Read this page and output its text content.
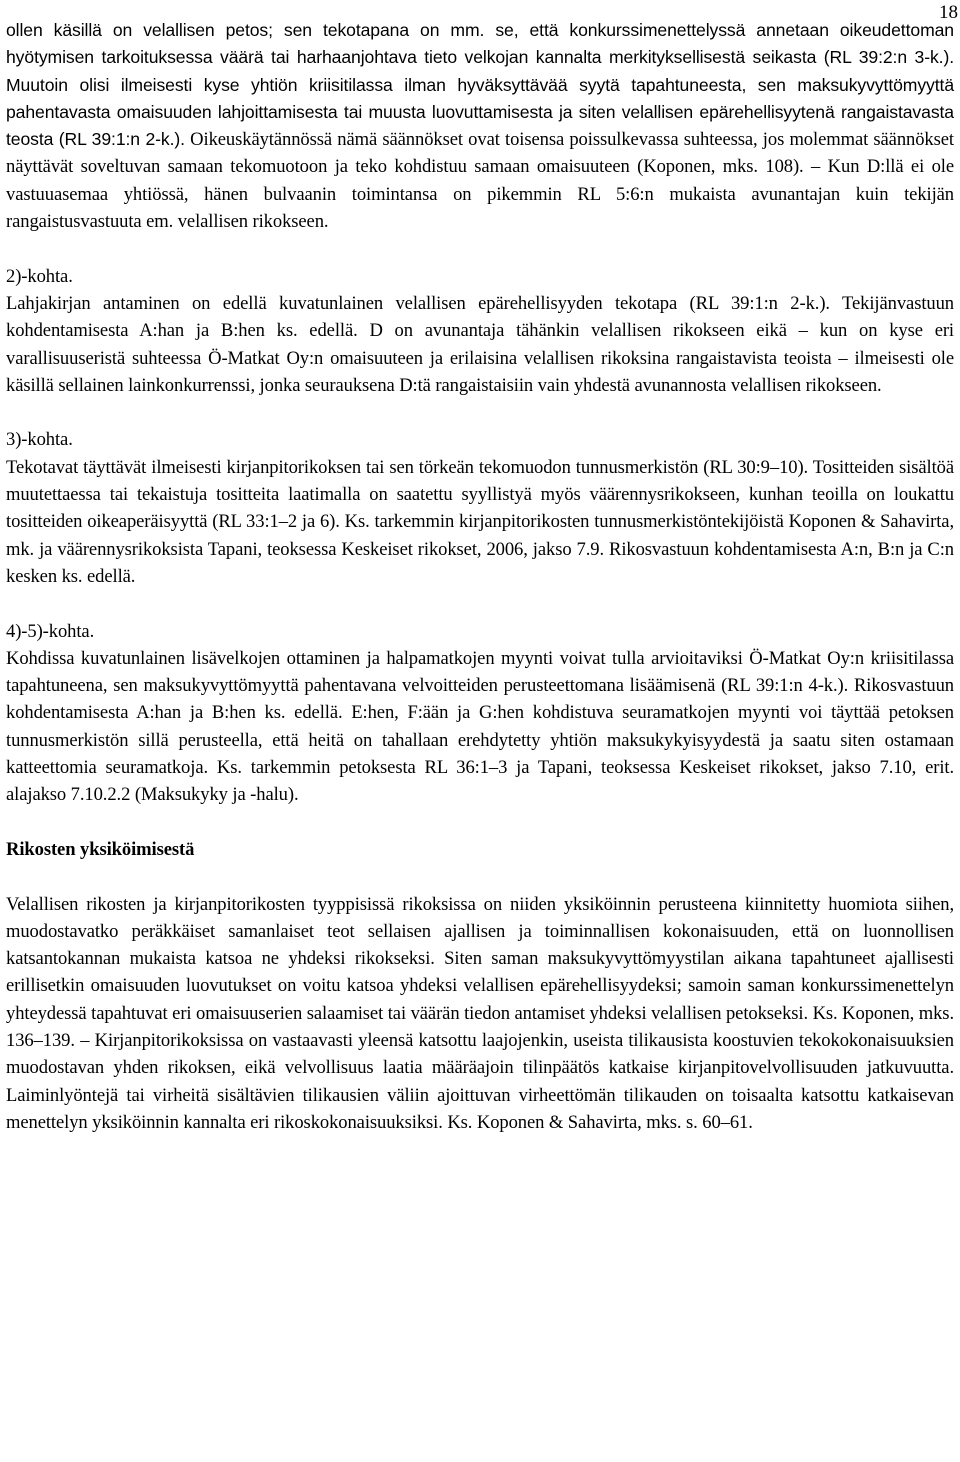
18

ollen käsillä on velallisen petos; sen tekotapana on mm. se, että konkurssimenettelyssä annetaan oikeudettoman hyötymisen tarkoituksessa väärä tai harhaanjohtava tieto velkojan kannalta merkityksellisestä seikasta (RL 39:2:n 3-k.). Muutoin olisi ilmeisesti kyse yhtiön kriisitilassa ilman hyväksyttävää syytä tapahtuneesta, sen maksukyvyttömyyttä pahentavasta omaisuuden lahjoittamisesta tai muusta luovuttamisesta ja siten velallisen epärehellisyytenä rangaistavasta teosta (RL 39:1:n 2-k.). Oikeuskäytännössä nämä säännökset ovat toisensa poissulkevassa suhteessa, jos molemmat säännökset näyttävät soveltuvan samaan tekomuotoon ja teko kohdistuu samaan omaisuuteen (Koponen, mks. 108). – Kun D:llä ei ole vastuuasemaa yhtiössä, hänen bulvaanin toimintansa on pikemmin RL 5:6:n mukaista avunantajan kuin tekijän rangaistusvastuuta em. velallisen rikokseen.

2)-kohta.

Lahjakirjan antaminen on edellä kuvatunlainen velallisen epärehellisyyden tekotapa (RL 39:1:n 2-k.). Tekijänvastuun kohdentamisesta A:han ja B:hen ks. edellä. D on avunantaja tähänkin velallisen rikokseen eikä – kun on kyse eri varallisuuseristä suhteessa Ö-Matkat Oy:n omaisuuteen ja erilaisina velallisen rikoksina rangaistavista teoista – ilmeisesti ole käsillä sellainen lainkonkurrenssi, jonka seurauksena D:tä rangaistaisiin vain yhdestä avunannosta velallisen rikokseen.

3)-kohta.

Tekotavat täyttävät ilmeisesti kirjanpitorikoksen tai sen törkeän tekomuodon tunnusmerkistön (RL 30:9–10). Tositteiden sisältöä muutettaessa tai tekaistuja tositteita laatimalla on saatettu syyllistyä myös väärennysrikokseen, kunhan teoilla on loukattu tositteiden oikeaperäisyyttä (RL 33:1–2 ja 6). Ks. tarkemmin kirjanpitorikosten tunnusmerkistöntekijöistä Koponen & Sahavirta, mk. ja väärennysrikoksista Tapani, teoksessa Keskeiset rikokset, 2006, jakso 7.9. Rikosvastuun kohdentamisesta A:n, B:n ja C:n kesken ks. edellä.

4)-5)-kohta.

Kohdissa kuvatunlainen lisävelkojen ottaminen ja halpamatkojen myynti voivat tulla arvioitaviksi Ö-Matkat Oy:n kriisitilassa tapahtuneena, sen maksukyvyttömyyttä pahentavana velvoitteiden perusteettomana lisäämisenä (RL 39:1:n 4-k.). Rikosvastuun kohdentamisesta A:han ja B:hen ks. edellä. E:hen, F:ään ja G:hen kohdistuva seuramatkojen myynti voi täyttää petoksen tunnusmerkistön sillä perusteella, että heitä on tahallaan erehdytetty yhtiön maksukykyisyydestä ja saatu siten ostamaan katteettomia seuramatkoja. Ks. tarkemmin petoksesta RL 36:1–3 ja Tapani, teoksessa Keskeiset rikokset, jakso 7.10, erit. alajakso 7.10.2.2 (Maksukyky ja -halu).

Rikosten yksiköimisestä

Velallisen rikosten ja kirjanpitorikosten tyyppisissä rikoksissa on niiden yksiköinnin perusteena kiinnitetty huomiota siihen, muodostavatko peräkkäiset samanlaiset teot sellaisen ajallisen ja toiminnallisen kokonaisuuden, että on luonnollisen katsantokannan mukaista katsoa ne yhdeksi rikokseksi. Siten saman maksukyvyttömyystilan aikana tapahtuneet ajallisesti erillisetkin omaisuuden luovutukset on voitu katsoa yhdeksi velallisen epärehellisyydeksi; samoin saman konkurssimenettelyn yhteydessä tapahtuvat eri omaisuuserien salaamiset tai väärän tiedon antamiset yhdeksi velallisen petokseksi. Ks. Koponen, mks. 136–139. – Kirjanpitorikoksissa on vastaavasti yleensä katsottu laajojenkin, useista tilikausista koostuvien tekokokonaisuuksien muodostavan yhden rikoksen, eikä velvollisuus laatia määräajoin tilinpäätös katkaise kirjanpitovelvollisuuden jatkuvuutta. Laiminlyöntejä tai virheitä sisältävien tilikausien väliin ajoittuvan virheettömän tilikauden on toisaalta katsottu katkaisevan menettelyn yksiköinnin kannalta eri rikoskokonaisuuksiksi. Ks. Koponen & Sahavirta, mks. s. 60–61.
